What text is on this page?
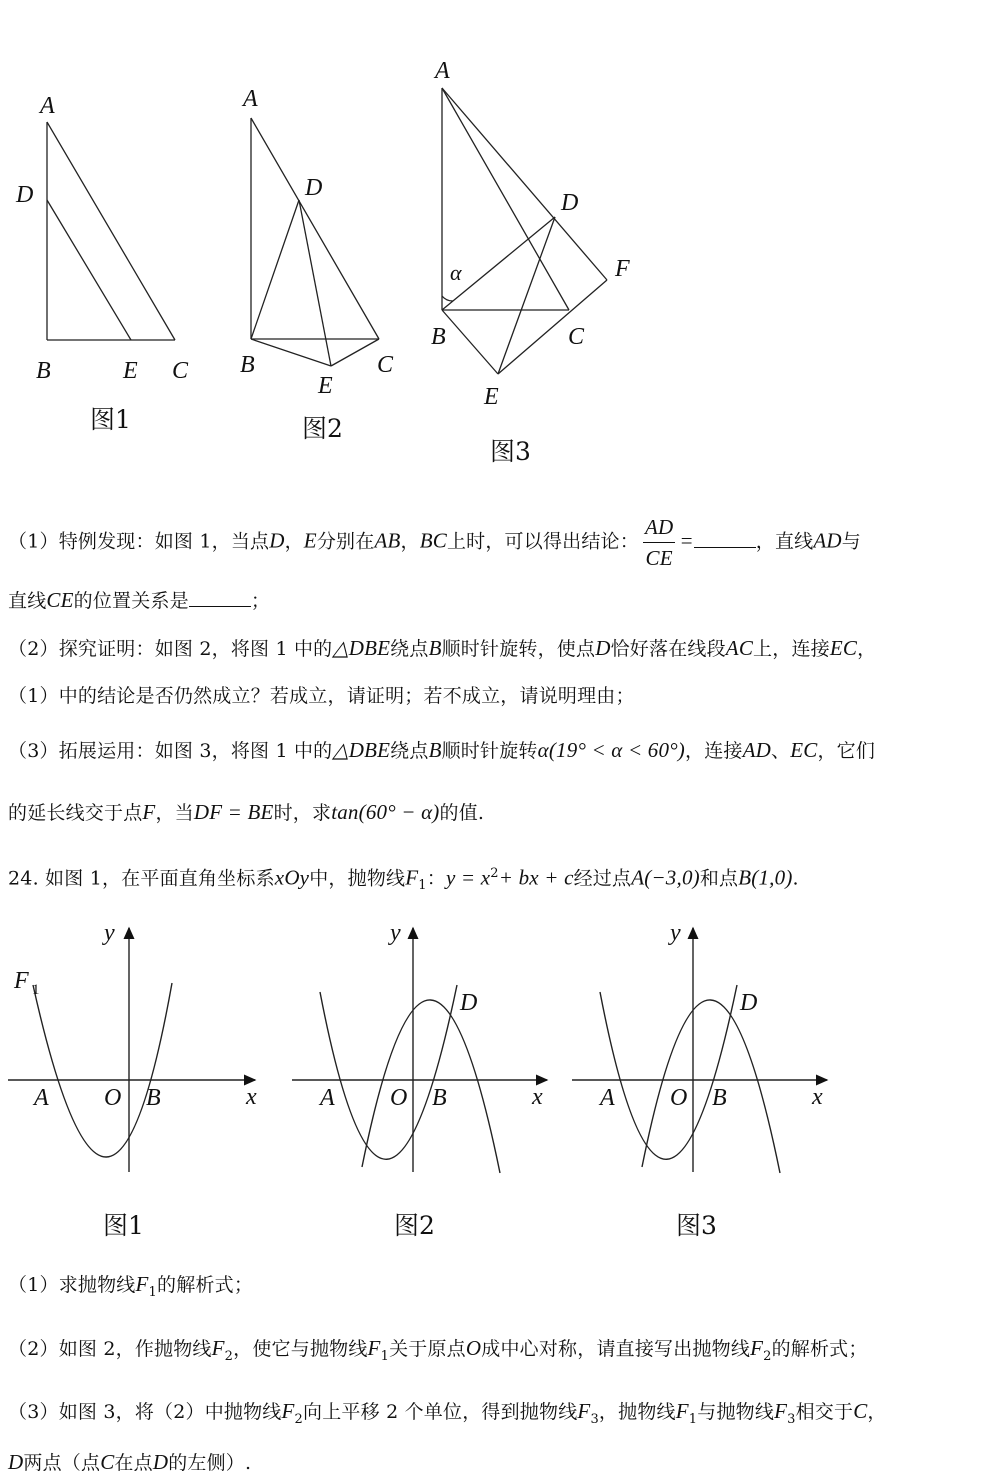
A
D
B	E C
图1
A
D
B
E
C
图2
A
D
F
α
B	C
E
图3
（1）特例发现：如图 1，当点D，E分别在AB，BC上时，可以得出结论： $\frac{AD}{CE}$ =	，直线AD与
直线CE的位置关系是	；
（2）探究证明：如图 2，将图 1 中的△DBE绕点B顺时针旋转，使点D恰好落在线段AC上，连接EC，
（1）中的结论是否仍然成立？若成立，请证明；若不成立，请说明理由；
（3）拓展运用：如图 3，将图 1 中的△DBE绕点B顺时针旋转α(19° < α < 60°)，连接AD、EC，它们
的延长线交于点F，当DF = BE时，求tan(60° − α)的值.
24. 如图 1，在平面直角坐标系xOy中，抛物线$F_1$：$y = x^2+$ bx + c经过点A(−3,0)和点B(1,0).
y
x
F 1
A O B
图1
y
x
D
A O B
图2
y
x
D
A O B
图3
（1）求抛物线$F_1$的解析式；
（2）如图 2，作抛物线$F_2$，使它与抛物线$F_1$关于原点O成中心对称，请直接写出抛物线$F_2$的解析式；
（3）如图 3，将（2）中抛物线$F_2$向上平移 2 个单位，得到抛物线$F_3$，抛物线$F_1$与抛物线$F_3$相交于C，
D两点（点C在点D的左侧）.
